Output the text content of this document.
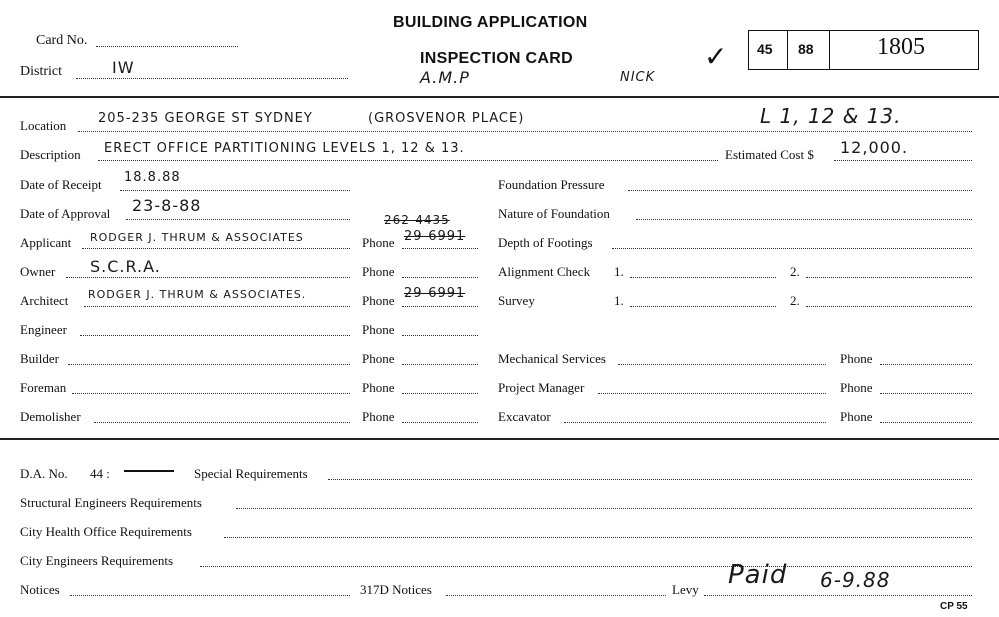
Card No.
District	IW
BUILDING APPLICATION
INSPECTION CARD
A.M.P	NICK
✓ 45 88	1805
Location 205-235 GEORGE ST SYDNEY	(GROSVENOR PLACE)	L 1, 12 & 13.
Description ERECT OFFICE PARTITIONING LEVELS 1, 12 & 13.	Estimated Cost $ 12,000.
Date of Receipt 18.8.88
Date of Approval 23-8-88
Applicant RODGER J. THRUM & ASSOCIATES	Phone 29-6991
262-4435
Owner S.C.R.A.	Phone
Architect RODGER J. THRUM & ASSOCIATES.	Phone 29-6991
Engineer	Phone
Builder	Phone
Foreman	Phone
Demolisher	Phone
Foundation Pressure
Nature of Foundation
Depth of Footings
Alignment Check 1.	2.
Survey	1.	2.
Mechanical Services	Phone
Project Manager	Phone
Excavator	Phone
D.A. No. 44 :	Special Requirements
Structural Engineers Requirements
City Health Office Requirements
City Engineers Requirements
Notices	317D Notices	Levy Paid 6-9.88
CP 55
